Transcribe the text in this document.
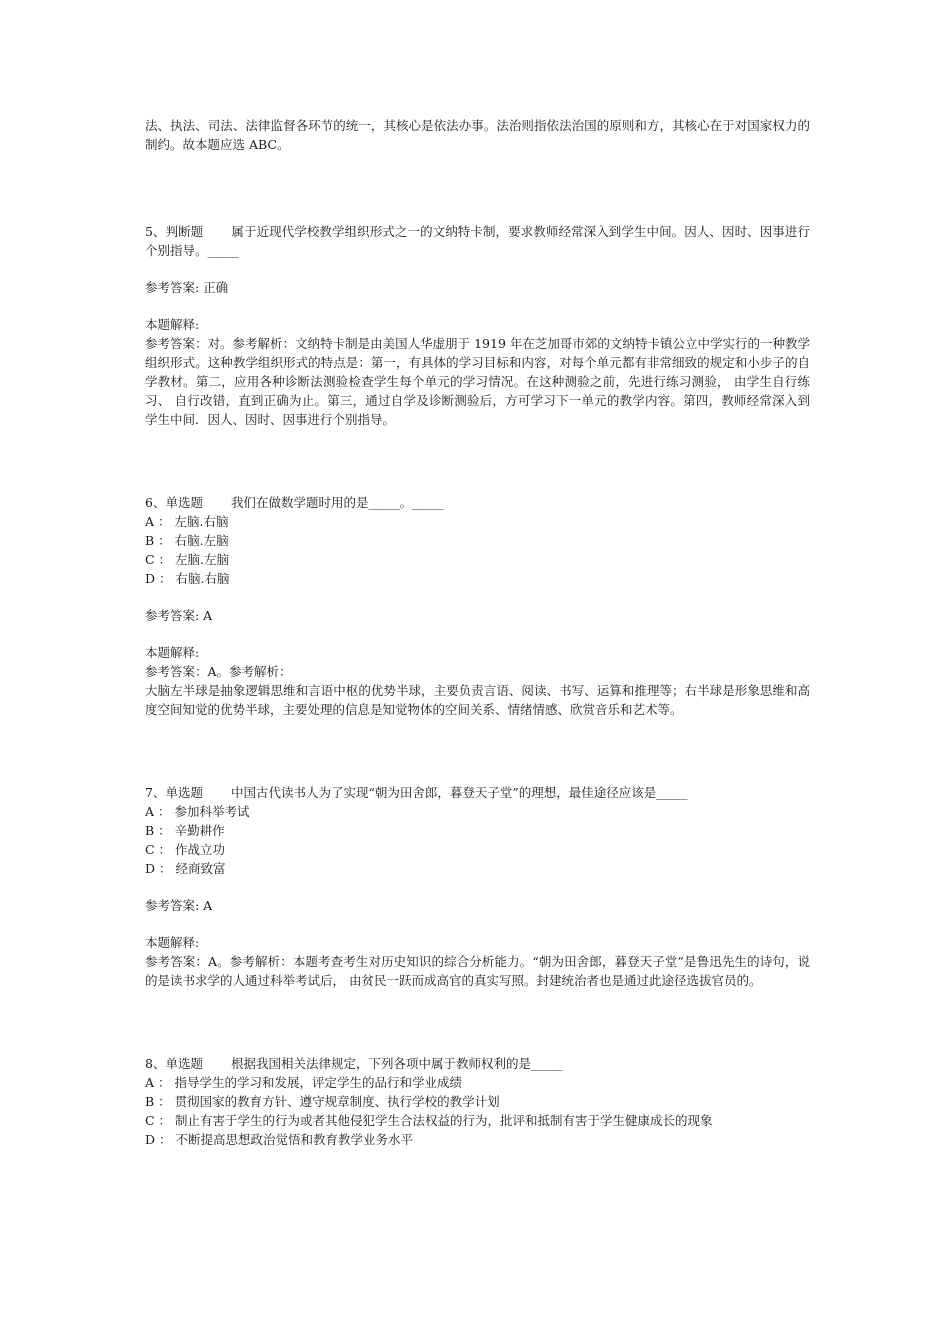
法、执法、司法、法律监督各环节的统一，其核心是依法办事。法治则指依法治国的原则和方，其核心在于对国家权力的制约。故本题应选 ABC。

5、判断题 属于近现代学校教学组织形式之一的文纳特卡制，要求教师经常深入到学生中间。因人、因时、因事进行个别指导。_____

参考答案: 正确

本题解释:

参考答案：对。参考解析：文纳特卡制是由美国人华虚朋于 1919 年在芝加哥市郊的文纳特卡镇公立中学实行的一种教学组织形式。这种教学组织形式的特点是：第一，有具体的学习目标和内容，对每个单元都有非常细致的规定和小步子的自学教材。第二，应用各种诊断法测验检查学生每个单元的学习情况。在这种测验之前，先进行练习测验， 由学生自行练习、 自行改错，直到正确为止。第三，通过自学及诊断测验后，方可学习下一单元的教学内容。第四，教师经常深入到学生中间．因人、因时、因事进行个别指导。

6、单选题 我们在做数学题时用的是_____。_____

A ： 左脑.右脑

B ： 右脑.左脑

C ： 左脑.左脑

D ： 右脑.右脑

参考答案: A

本题解释:

参考答案：A。参考解析：

大脑左半球是抽象逻辑思维和言语中枢的优势半球，主要负责言语、阅读、书写、运算和推理等；右半球是形象思维和高度空间知觉的优势半球，主要处理的信息是知觉物体的空间关系、情绪情感、欣赏音乐和艺术等。

7、单选题 中国古代读书人为了实现“朝为田舍郎，暮登天子堂”的理想，最佳途径应该是_____

A ： 参加科举考试

B ： 辛勤耕作

C ： 作战立功

D ： 经商致富

参考答案: A

本题解释:

参考答案：A。参考解析：本题考查考生对历史知识的综合分析能力。“朝为田舍郎，暮登天子堂”是鲁迅先生的诗句，说的是读书求学的人通过科举考试后， 由贫民一跃而成高官的真实写照。封建统治者也是通过此途径选拔官员的。

8、单选题 根据我国相关法律规定，下列各项中属于教师权利的是_____

A ： 指导学生的学习和发展，评定学生的品行和学业成绩

B ： 贯彻国家的教育方针、遵守规章制度、执行学校的教学计划

C ： 制止有害于学生的行为或者其他侵犯学生合法权益的行为，批评和抵制有害于学生健康成长的现象

D ： 不断提高思想政治觉悟和教育教学业务水平
